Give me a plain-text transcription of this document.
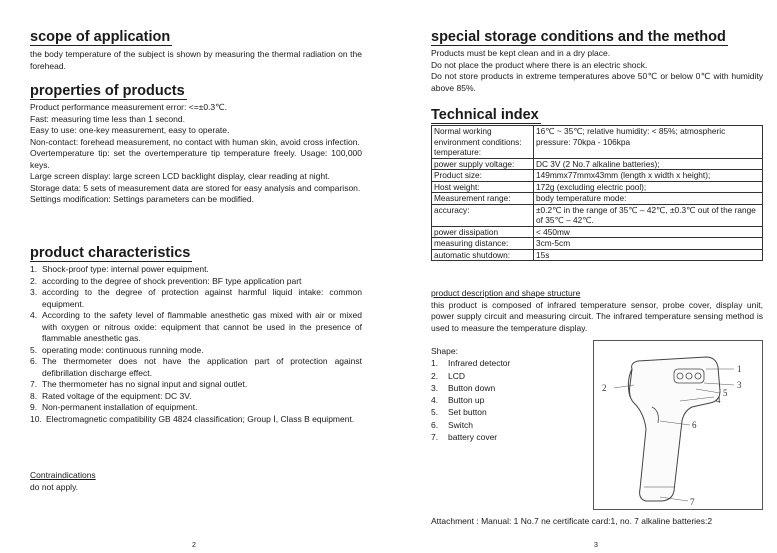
scope of application

the body temperature of the subject is shown by measuring the thermal radiation on the forehead.

properties of products

Product performance measurement error: <=±0.3℃.

Fast: measuring time less than 1 second.

Easy to use: one-key measurement, easy to operate.

Non-contact: forehead measurement, no contact with human skin, avoid cross infection.

Overtemperature tip: set the overtemperature tip temperature freely. Usage: 100,000 keys.

Large screen display: large screen LCD backlight display, clear reading at night.

Storage data: 5 sets of measurement data are stored for easy analysis and comparison.

Settings modification: Settings parameters can be modified.

product characteristics
1. Shock-proof type: internal power equipment.
2. according to the degree of shock prevention: BF type application part
3. according to the degree of protection against harmful liquid intake: common equipment.
4. According to the safety level of flammable anesthetic gas mixed with air or mixed with oxygen or nitrous oxide: equipment that cannot be used in the presence of flammable anesthetic gas.
5. operating mode: continuous running mode.
6. The thermometer does not have the application part of protection against defibrillation discharge effect.
7. The thermometer has no signal input and signal outlet.
8. Rated voltage of the equipment: DC 3V.
9. Non-permanent installation of equipment.
10. Electromagnetic compatibility GB 4824 classification; Group Ⅰ, Class B equipment.

Contraindications

do not apply.

2
special storage conditions and the method

Products must be kept clean and in a dry place.

Do not place the product where there is an electric shock.

Do not store products in extreme temperatures above 50℃ or below 0℃ with humidity above 85%.

Technical index
Normal working environment conditions: temperature:	16℃ ~ 35℃; relative humidity: < 85%; atmospheric pressure: 70kpa - 106kpa
power supply voltage:	DC 3V (2 No.7 alkaline batteries);
Product size:	149mmx77mmx43mm (length x width x height);
Host weight:	172g (excluding electric pool);
Measurement range:	body temperature mode:
accuracy:	±0.2℃ in the range of 35℃ – 42℃, ±0.3℃ out of the range of 35℃ – 42℃.
power dissipation	< 450mw
measuring distance:	3cm-5cm
automatic shutdown:	15s

product description and shape structure

this product is composed of infrared temperature sensor, probe cover, display unit, power supply circuit and measuring circuit. The infrared temperature sensing method is used to measure the temperature display.

Shape:
1. Infrared detector
2. LCD
3. Button down
4. Button up
5. Set button
6. Switch
7. battery cover
1
2	3
4
5
6
7
Attachment : Manual: 1 No.7 ne certificate card:1, no. 7 alkaline batteries:2
3
